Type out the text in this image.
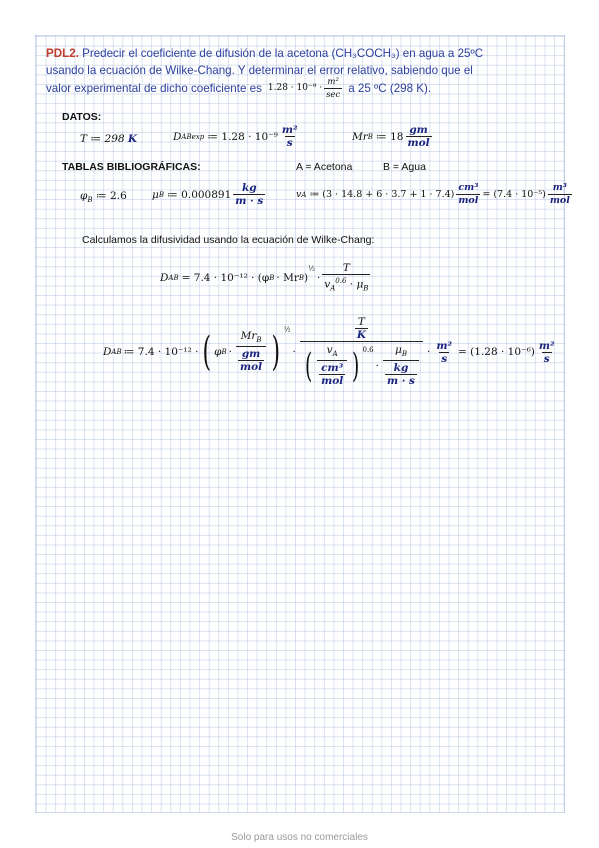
PDL2. Predecir el coeficiente de difusión de la acetona (CH₃COCH₃) en agua a 25ºC
usando la ecuación de Wilke-Chang. Y determinar el error relativo, sabiendo que el
valor experimental de dicho coeficiente es $1.28 \cdot 10^{-9} \cdot \frac{\text{m²}}{\sec}$ a 25 ºC (298 K).
DATOS:
T ≔ 298 K	D ABexp ≔ $1.28 \cdot 10^{-9} \frac{\text{m²}}{s}$	Mr B ≔ $18 \frac{gm}{\text{mol}}$
TABLAS BIBLIOGRÁFICAS:	A = Acetona	B = Agua
$\varphi_B$ ≔ 2.6 μ B ≔ $0.000891 \frac{kg}{m \cdot s}$	v A ≔ $(3 \cdot 14.8 + 6 \cdot 3.7 + 1 \cdot 7.4) \frac{\text{cm³}}{\text{mol}} = (7.4 \cdot 10^{-5}) \frac{\text{m³}}{\text{mol}}$
Calculamos la difusividad usando la ecuación de Wilke-Chang:
D AB = 7.4 · 10⁻¹² · (φ B · Mr B )
$^{\frac{1}{2}}$
· $\frac{T}{v_A^{0.6} \cdot \mu_B}$
D AB ≔ 7.4 · 10⁻¹² · ( φ $B \cdot \frac{Mr_B}{\frac{gm}{\text{mol}}}$ ) $^{\frac{1}{2}}$
·
$\frac{T}{K}$
( $\frac{v_A}{\frac{\text{cm³}}{\text{mol}}}$ ) $^{0.6}$
· $\frac{\mu_B}{\frac{kg}{m \cdot s}} \cdot \frac{\text{m²}}{s} = (1.28 \cdot 10^{-6}) \frac{\text{m²}}{s}$
Solo para usos no comerciales
